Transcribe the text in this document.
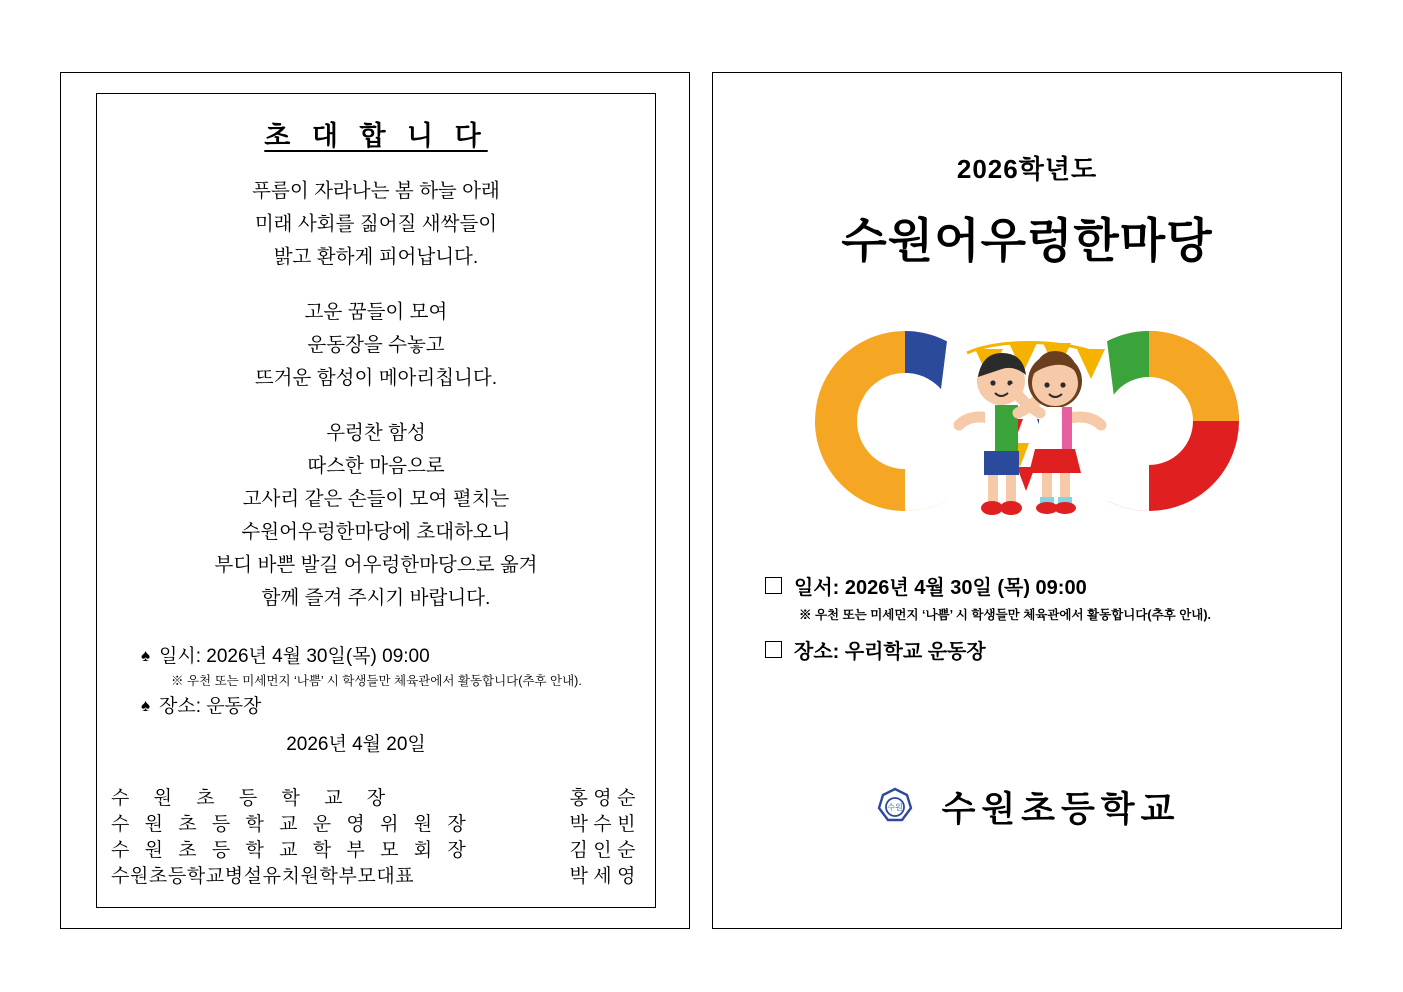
초 대 합 니 다
푸름이 자라나는 봄 하늘 아래
미래 사회를 짊어질 새싹들이
밝고 환하게 피어납니다.
고운 꿈들이 모여
운동장을 수놓고
뜨거운 함성이 메아리칩니다.
우렁찬 함성
따스한 마음으로
고사리 같은 손들이 모여 펼치는
수원어우렁한마당에 초대하오니
부디 바쁜 발길 어우렁한마당으로 옮겨
함께 즐겨 주시기 바랍니다.
♠ 일시: 2026년 4월 30일(목) 09:00
※ 우천 또는 미세먼지 ‘나쁨’ 시 학생들만 체육관에서 활동합니다(추후 안내).
♠ 장소: 운동장
2026년 4월 20일
수 원 초 등 학 교 장	홍영순
수 원 초 등 학 교 운 영 위 원 장	박수빈
수 원 초 등 학 교 학 부 모 회 장	김인순
수원초등학교병설유치원학부모대표	박세영
2026학년도
수원어우렁한마당
일서: 2026년 4월 30일 (목) 09:00
※ 우천 또는 미세먼지 ‘나쁨’ 시 학생들만 체육관에서 활동합니다(추후 안내).
장소: 우리학교 운동장
수원 수원초등학교
